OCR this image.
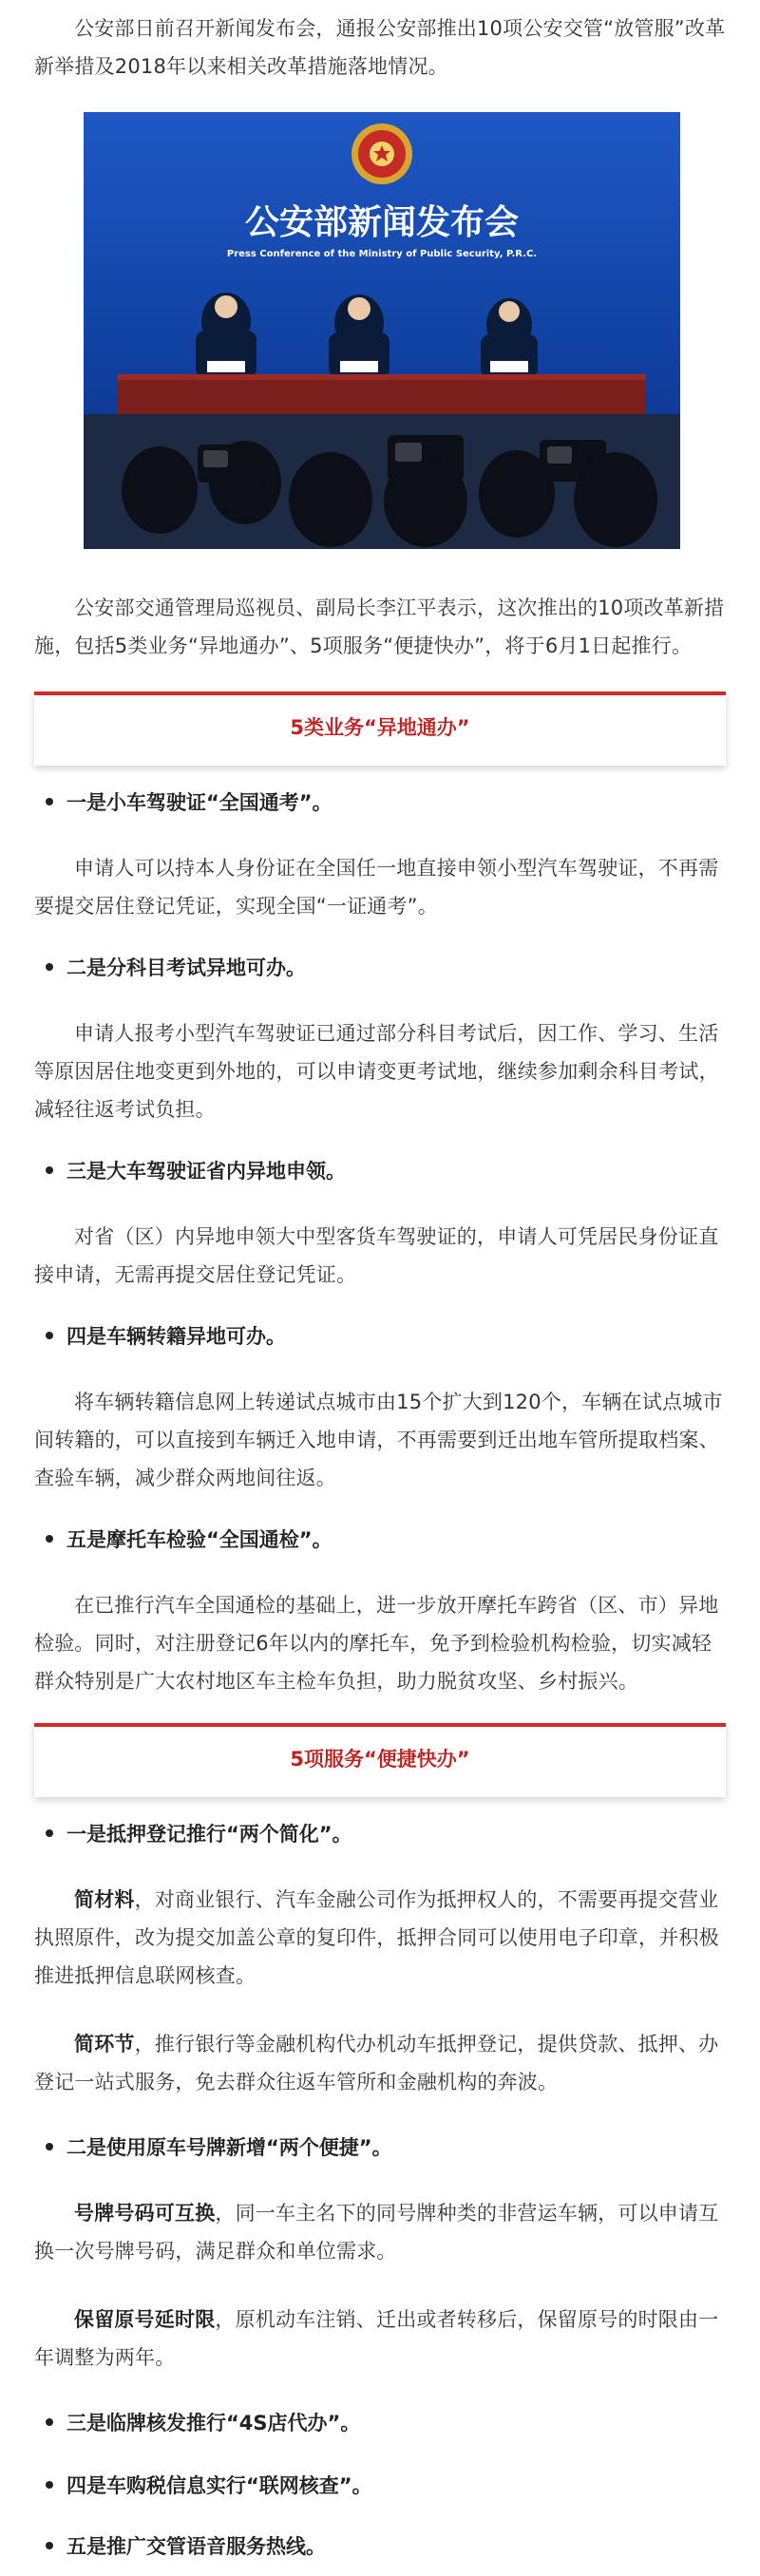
公安部日前召开新闻发布会，通报公安部推出10项公安交管“放管服”改革新举措及2018年以来相关改革措施落地情况。

公安部新闻发布会
Press Conference of the Ministry of Public Security, P.R.C.

公安部交通管理局巡视员、副局长李江平表示，这次推出的10项改革新措施，包括5类业务“异地通办”、5项服务“便捷快办”，将于6月1日起推行。

5类业务“异地通办”
一是小车驾驶证“全国通考”。

申请人可以持本人身份证在全国任一地直接申领小型汽车驾驶证，不再需要提交居住登记凭证，实现全国“一证通考”。

二是分科目考试异地可办。

申请人报考小型汽车驾驶证已通过部分科目考试后，因工作、学习、生活等原因居住地变更到外地的，可以申请变更考试地，继续参加剩余科目考试，减轻往返考试负担。

三是大车驾驶证省内异地申领。

对省（区）内异地申领大中型客货车驾驶证的，申请人可凭居民身份证直接申请，无需再提交居住登记凭证。

四是车辆转籍异地可办。

将车辆转籍信息网上转递试点城市由15个扩大到120个，车辆在试点城市间转籍的，可以直接到车辆迁入地申请，不再需要到迁出地车管所提取档案、查验车辆，减少群众两地间往返。

五是摩托车检验“全国通检”。

在已推行汽车全国通检的基础上，进一步放开摩托车跨省（区、市）异地检验。同时，对注册登记6年以内的摩托车，免予到检验机构检验，切实减轻群众特别是广大农村地区车主检车负担，助力脱贫攻坚、乡村振兴。

5项服务“便捷快办”
一是抵押登记推行“两个简化”。

简材料，对商业银行、汽车金融公司作为抵押权人的，不需要再提交营业执照原件，改为提交加盖公章的复印件，抵押合同可以使用电子印章，并积极推进抵押信息联网核查。

简环节，推行银行等金融机构代办机动车抵押登记，提供贷款、抵押、办登记一站式服务，免去群众往返车管所和金融机构的奔波。

二是使用原车号牌新增“两个便捷”。

号牌号码可互换，同一车主名下的同号牌种类的非营运车辆，可以申请互换一次号牌号码，满足群众和单位需求。

保留原号延时限，原机动车注销、迁出或者转移后，保留原号的时限由一年调整为两年。

三是临牌核发推行“4S店代办”。
四是车购税信息实行“联网核查”。
五是推广交管语音服务热线。
